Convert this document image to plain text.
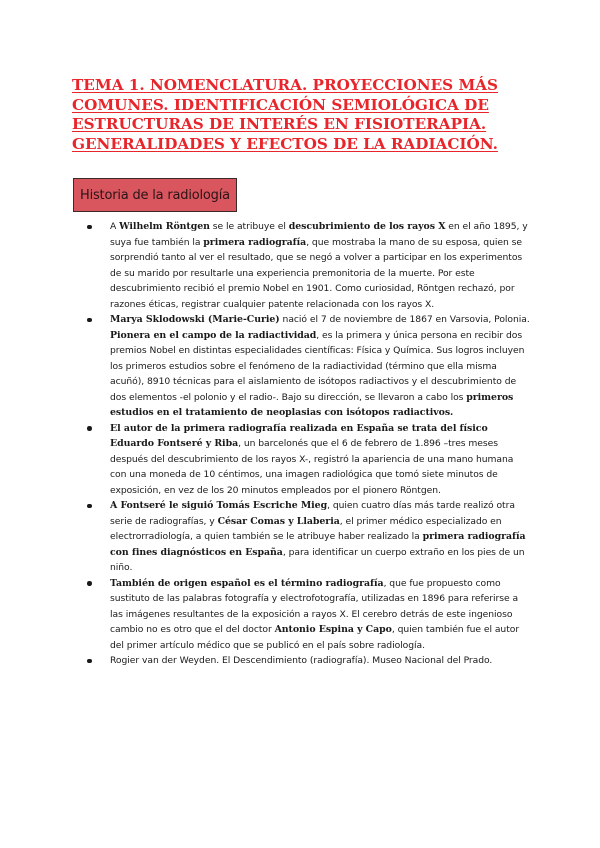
TEMA 1. NOMENCLATURA. PROYECCIONES MÁS COMUNES. IDENTIFICACIÓN SEMIOLÓGICA DE ESTRUCTURAS DE INTERÉS EN FISIOTERAPIA. GENERALIDADES Y EFECTOS DE LA RADIACIÓN.
Historia de la radiología
A Wilhelm Röntgen se le atribuye el descubrimiento de los rayos X en el año 1895, y suya fue también la primera radiografía, que mostraba la mano de su esposa, quien se sorprendió tanto al ver el resultado, que se negó a volver a participar en los experimentos de su marido por resultarle una experiencia premonitoria de la muerte. Por este descubrimiento recibió el premio Nobel en 1901. Como curiosidad, Röntgen rechazó, por razones éticas, registrar cualquier patente relacionada con los rayos X.
Marya Sklodowski (Marie-Curie) nació el 7 de noviembre de 1867 en Varsovia, Polonia. Pionera en el campo de la radiactividad, es la primera y única persona en recibir dos premios Nobel en distintas especialidades científicas: Física y Química. Sus logros incluyen los primeros estudios sobre el fenómeno de la radiactividad (término que ella misma acuñó), 8910 técnicas para el aislamiento de isótopos radiactivos y el descubrimiento de dos elementos -el polonio y el radio-. Bajo su dirección, se llevaron a cabo los primeros estudios en el tratamiento de neoplasias con isótopos radiactivos.
El autor de la primera radiografía realizada en España se trata del físico Eduardo Fontseré y Riba, un barcelonés que el 6 de febrero de 1.896 –tres meses después del descubrimiento de los rayos X-, registró la apariencia de una mano humana con una moneda de 10 céntimos, una imagen radiológica que tomó siete minutos de exposición, en vez de los 20 minutos empleados por el pionero Röntgen.
A Fontseré le siguió Tomás Escriche Mieg, quien cuatro días más tarde realizó otra serie de radiografías, y César Comas y Llaberia, el primer médico especializado en electrorradiología, a quien también se le atribuye haber realizado la primera radiografía con fines diagnósticos en España, para identificar un cuerpo extraño en los pies de un niño.
También de origen español es el término radiografía, que fue propuesto como sustituto de las palabras fotografía y electrofotografía, utilizadas en 1896 para referirse a las imágenes resultantes de la exposición a rayos X. El cerebro detrás de este ingenioso cambio no es otro que el del doctor Antonio Espina y Capo, quien también fue el autor del primer artículo médico que se publicó en el país sobre radiología.
Rogier van der Weyden. El Descendimiento (radiografía). Museo Nacional del Prado.
